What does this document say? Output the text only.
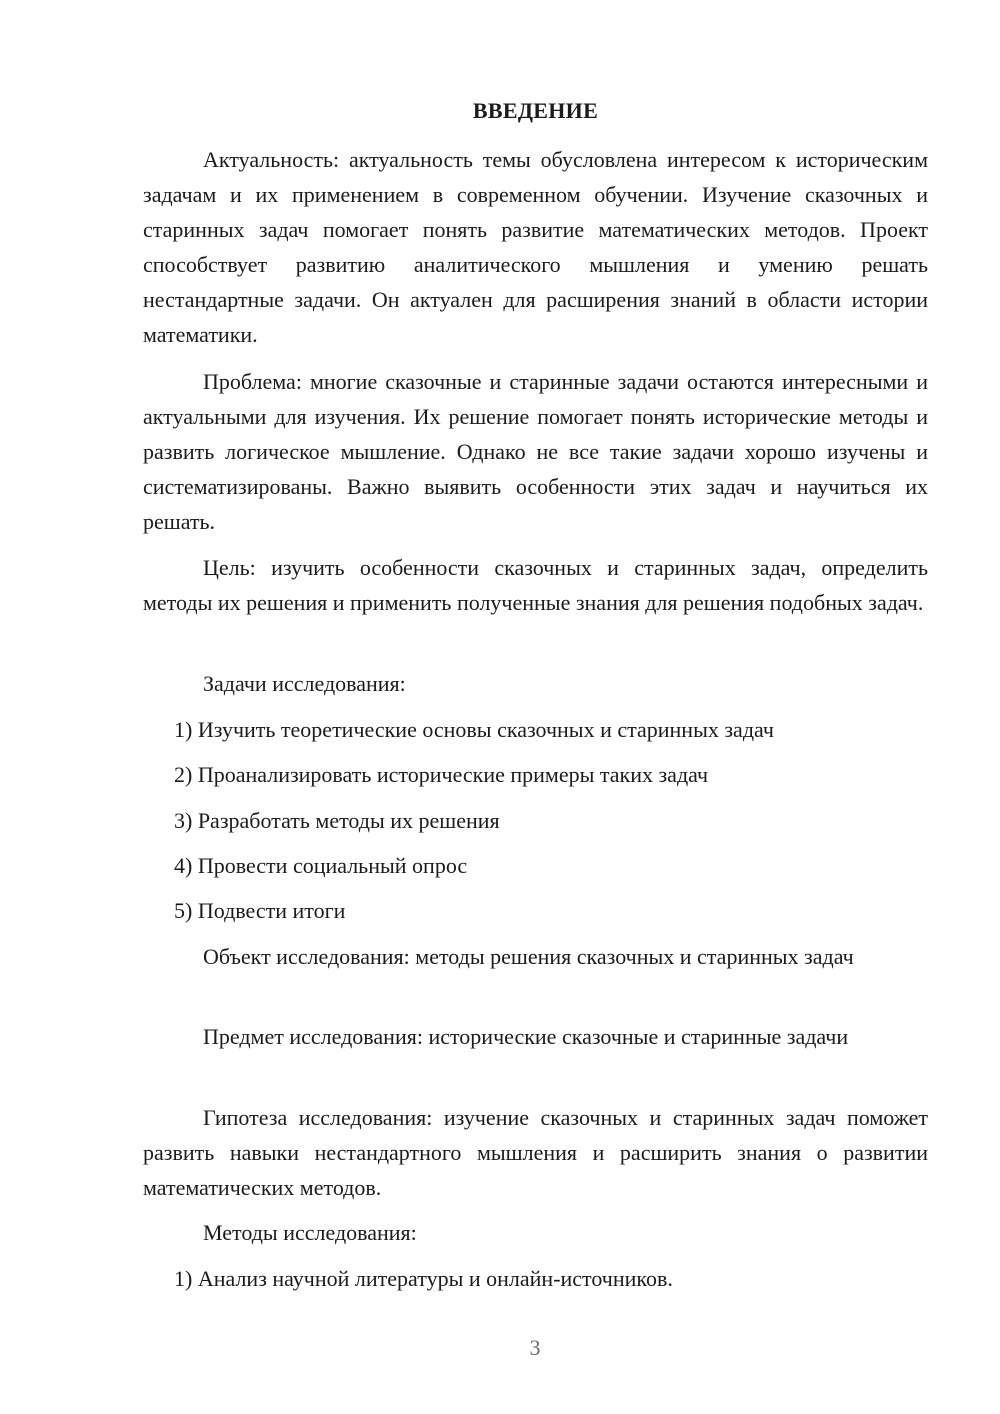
ВВЕДЕНИЕ

Актуальность: актуальность темы обусловлена интересом к историческим задачам и их применением в современном обучении. Изучение сказочных и старинных задач помогает понять развитие математических методов. Проект способствует развитию аналитического мышления и умению решать нестандартные задачи. Он актуален для расширения знаний в области истории математики.

Проблема: многие сказочные и старинные задачи остаются интересными и актуальными для изучения. Их решение помогает понять исторические методы и развить логическое мышление. Однако не все такие задачи хорошо изучены и систематизированы. Важно выявить особенности этих задач и научиться их решать.

Цель: изучить особенности сказочных и старинных задач, определить методы их решения и применить полученные знания для решения подобных задач.

Задачи исследования:
1) Изучить теоретические основы сказочных и старинных задач
2) Проанализировать исторические примеры таких задач
3) Разработать методы их решения
4) Провести социальный опрос
5) Подвести итоги

Объект исследования: методы решения сказочных и старинных задач

Предмет исследования: исторические сказочные и старинные задачи

Гипотеза исследования: изучение сказочных и старинных задач поможет развить навыки нестандартного мышления и расширить знания о развитии математических методов.

Методы исследования:
1) Анализ научной литературы и онлайн-источников.
3
